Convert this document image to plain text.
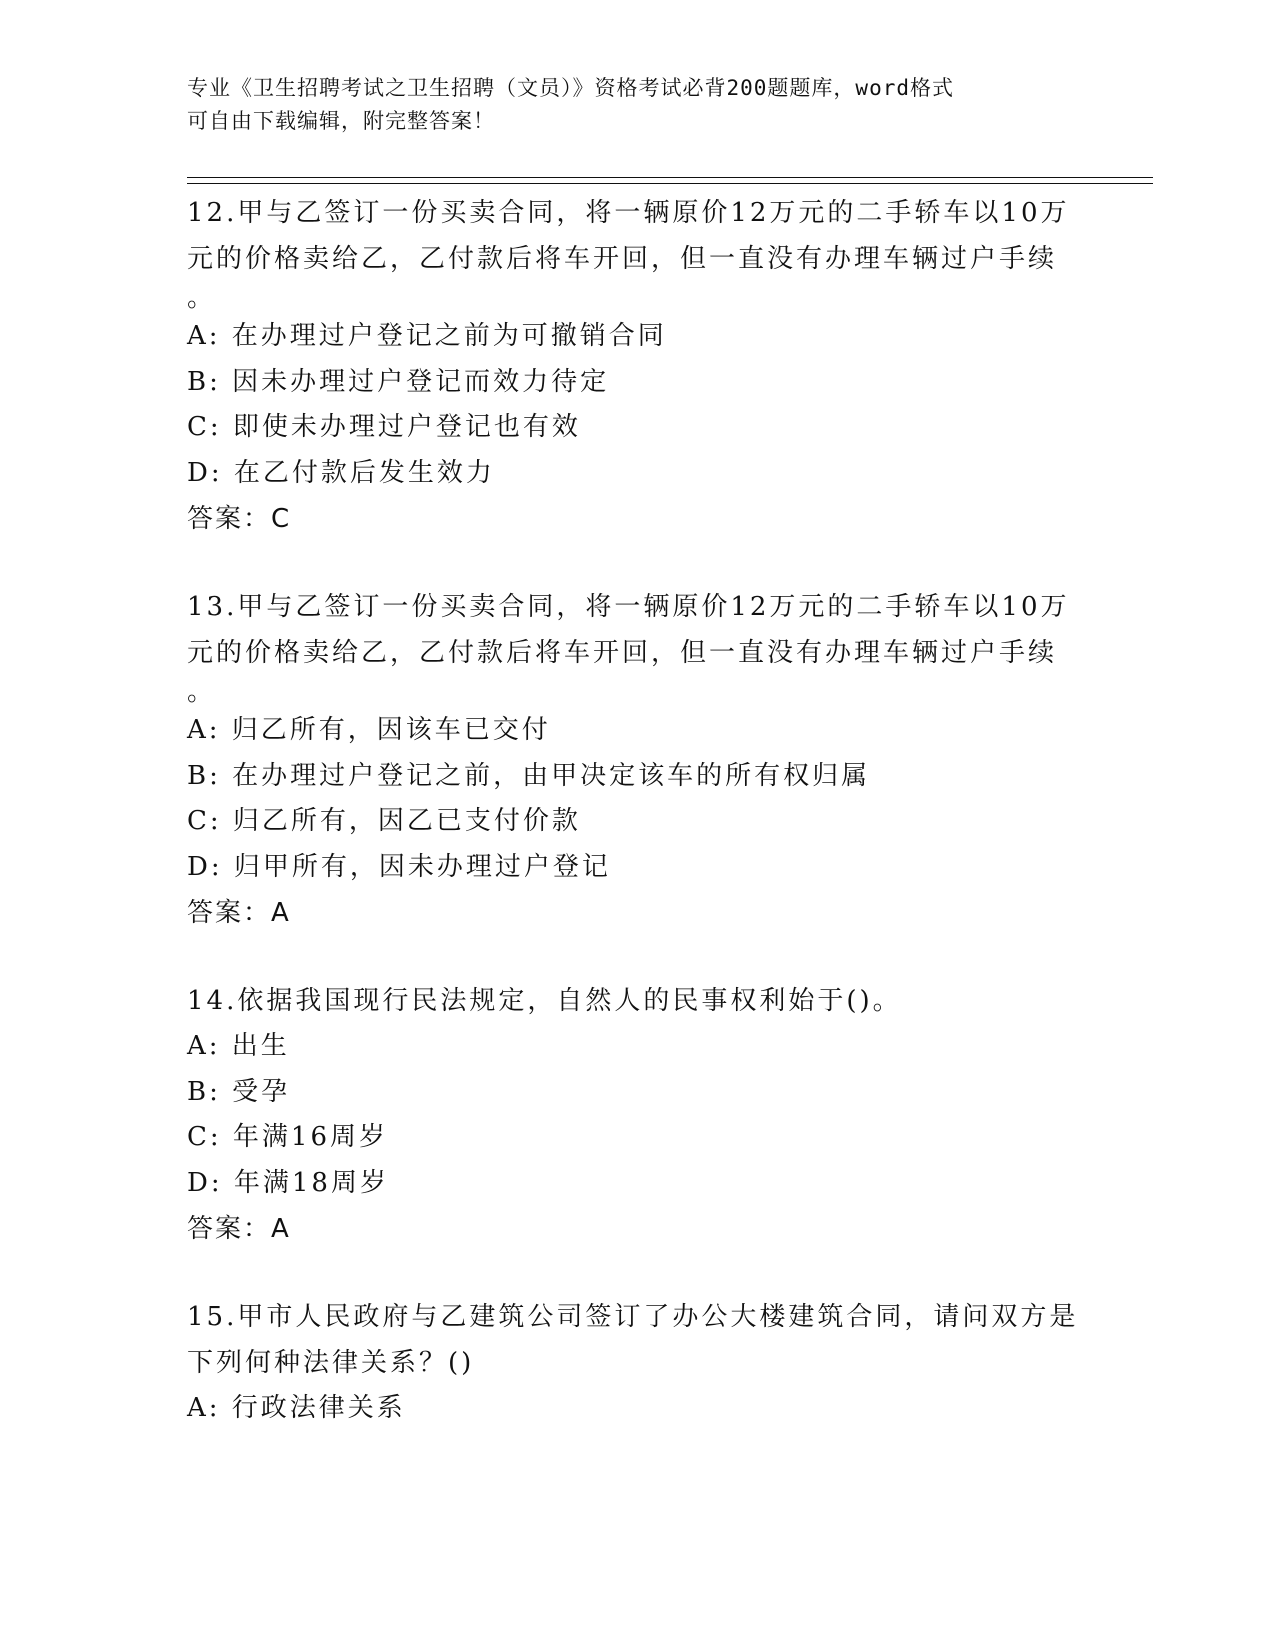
专业《卫生招聘考试之卫生招聘（文员）》资格考试必背200题题库，word格式
可自由下载编辑，附完整答案！
12.甲与乙签订一份买卖合同，将一辆原价12万元的二手轿车以10万元的价格卖给乙，乙付款后将车开回，但一直没有办理车辆过户手续
。
A: 在办理过户登记之前为可撤销合同
B: 因未办理过户登记而效力待定
C: 即使未办理过户登记也有效
D: 在乙付款后发生效力
答案：C
13.甲与乙签订一份买卖合同，将一辆原价12万元的二手轿车以10万元的价格卖给乙，乙付款后将车开回，但一直没有办理车辆过户手续
。
A: 归乙所有，因该车已交付
B: 在办理过户登记之前，由甲决定该车的所有权归属
C: 归乙所有，因乙已支付价款
D: 归甲所有，因未办理过户登记
答案：A
14.依据我国现行民法规定，自然人的民事权利始于()。
A: 出生
B: 受孕
C: 年满16周岁
D: 年满18周岁
答案：A
15.甲市人民政府与乙建筑公司签订了办公大楼建筑合同，请问双方是下列何种法律关系？()
A: 行政法律关系
